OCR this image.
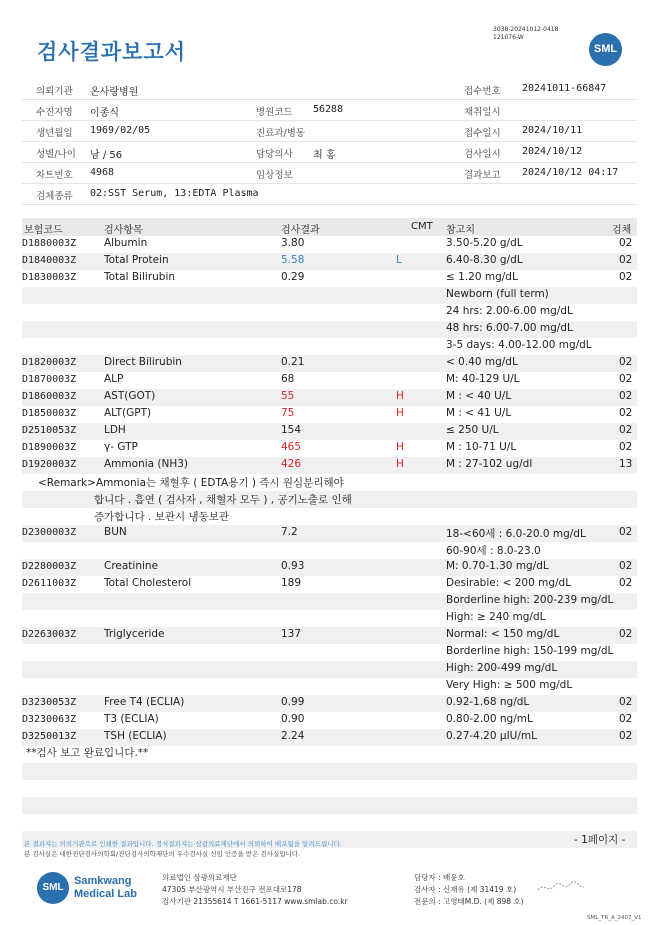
검사결과보고서
3038-20241012-0418
121076-W
SML
의뢰기관 온사랑병원	접수번호 20241011-66847
수진자명 이종식	병원코드 56288	채취일시
생년월일 1969/02/05	진료과/병동	접수일시 2024/10/11
성별/나이 남 / 56	담당의사 최 홍	검사일시 2024/10/12
차트번호 4968	임상정보	결과보고 2024/10/12 04:17
검체종류 02:SST Serum, 13:EDTA Plasma
보험코드	검사항목	검사결과	CMT 참고치	검체
D1880003Z	Albumin	3.80	3.50-5.20 g/dL	02
D1840003Z	Total Protein	5.58	L	6.40-8.30 g/dL	02
D1830003Z	Total Bilirubin	0.29	≤ 1.20 mg/dL	02
Newborn (full term)
24 hrs: 2.00-6.00 mg/dL
48 hrs: 6.00-7.00 mg/dL
3-5 days: 4.00-12.00 mg/dL
D1820003Z	Direct Bilirubin	0.21	< 0.40 mg/dL	02
D1870003Z	ALP	68	M: 40-129 U/L	02
D1860003Z	AST(GOT)	55	H	M : < 40 U/L	02
D1850003Z	ALT(GPT)	75	H	M : < 41 U/L	02
D2510053Z	LDH	154	≤ 250 U/L	02
D1890003Z	γ- GTP	465	H	M : 10-71 U/L	02
D1920003Z	Ammonia (NH3)	426	H	M : 27-102 ug/dl	13
D2300003Z	BUN	7.2	18-<60세 : 6.0-20.0 mg/dL	02
60-90세 : 8.0-23.0
D2280003Z	Creatinine	0.93	M: 0.70-1.30 mg/dL	02
D2611003Z	Total Cholesterol	189	Desirable: < 200 mg/dL	02
Borderline high: 200-239 mg/dL
High: ≥ 240 mg/dL
D2263003Z	Triglyceride	137	Normal: < 150 mg/dL	02
Borderline high: 150-199 mg/dL
High: 200-499 mg/dL
Very High: ≥ 500 mg/dL
D3230053Z	Free T4 (ECLIA)	0.99	0.92-1.68 ng/dL	02
D3230063Z	T3 (ECLIA)	0.90	0.80-2.00 ng/mL	02
D3250013Z	TSH (ECLIA)	2.24	0.27-4.20 μIU/mL	02
<Remark>Ammonia는 채혈후 ( EDTA용기 ) 즉시 원심분리해야
합니다 . 흡연 ( 검사자 , 채혈자 모두 ) , 공기노출로 인해
증가합니다 . 보관시 냉동보관
**검사 보고 완료입니다.**
- 1페이지 -
본 결과지는 의뢰기관으로 인쇄한 결과입니다. 정식결과지는 삼광의료재단에서 의뢰하여 배포됨을 알려드립니다.
본 검사실은 대한진단검사의학회/진단검사의학재단의 우수검사실 신임 인증을 받은 검사실입니다.
SML
Samkwang
Medical Lab
의료법인 삼광의료재단
47305 부산광역시 부산진구 전포대로178
검사기관 21355614 T 1661-5117 www.smlab.co.kr
담당자 : 배윤호
검사자 : 신재유 (제 31419 호)
전문의 : 고영태M.D. (제 898 호)
SML_TR_A_2407_V1
